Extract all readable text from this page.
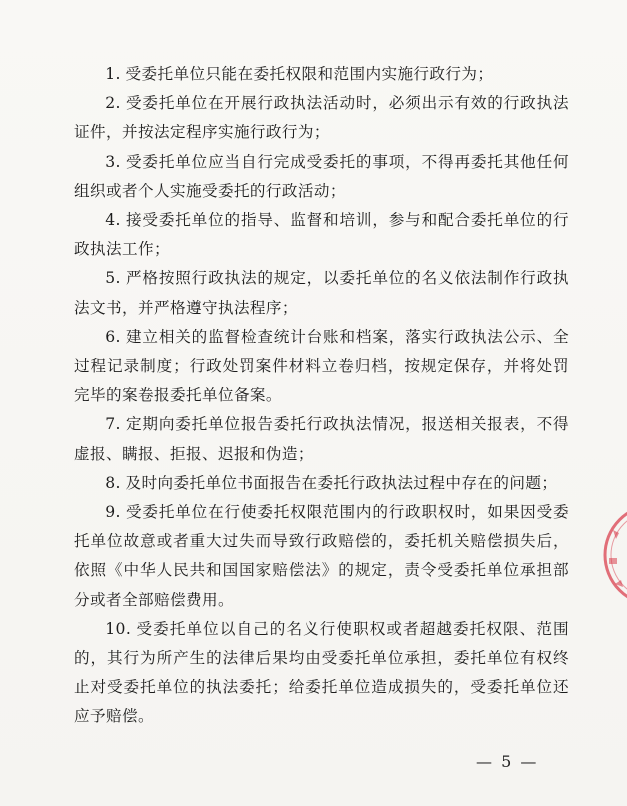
1. 受委托单位只能在委托权限和范围内实施行政行为；

2. 受委托单位在开展行政执法活动时，必须出示有效的行政执法证件，并按法定程序实施行政行为；

3. 受委托单位应当自行完成受委托的事项，不得再委托其他任何组织或者个人实施受委托的行政活动；

4. 接受委托单位的指导、监督和培训，参与和配合委托单位的行政执法工作；

5. 严格按照行政执法的规定，以委托单位的名义依法制作行政执法文书，并严格遵守执法程序；

6. 建立相关的监督检查统计台账和档案，落实行政执法公示、全过程记录制度；行政处罚案件材料立卷归档，按规定保存，并将处罚完毕的案卷报委托单位备案。

7. 定期向委托单位报告委托行政执法情况，报送相关报表，不得虚报、瞒报、拒报、迟报和伪造；

8. 及时向委托单位书面报告在委托行政执法过程中存在的问题；

9. 受委托单位在行使委托权限范围内的行政职权时，如果因受委托单位故意或者重大过失而导致行政赔偿的，委托机关赔偿损失后，依照《中华人民共和国国家赔偿法》的规定，责令受委托单位承担部分或者全部赔偿费用。

10. 受委托单位以自己的名义行使职权或者超越委托权限、范围的，其行为所产生的法律后果均由受委托单位承担，委托单位有权终止对受委托单位的执法委托；给委托单位造成损失的，受委托单位还应予赔偿。

— 5 —
